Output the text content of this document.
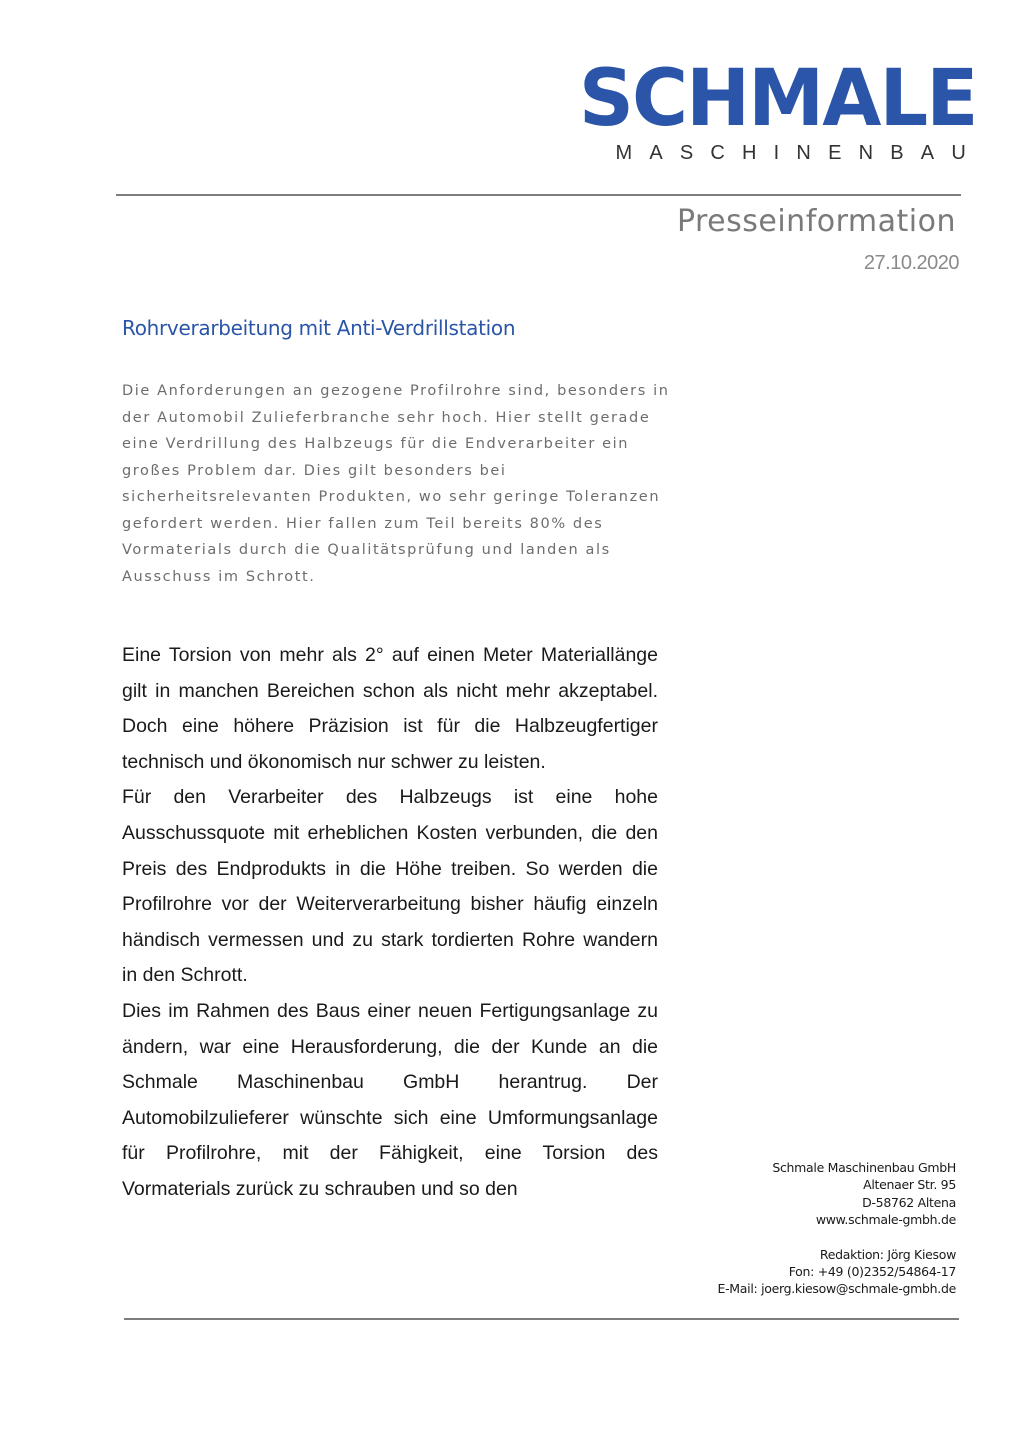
SCHMALE
MASCHINENBAU
Presseinformation
27.10.2020
Rohrverarbeitung mit Anti-Verdrillstation

Die Anforderungen an gezogene Profilrohre sind, besonders in der Automobil Zulieferbranche sehr hoch. Hier stellt gerade eine Verdrillung des Halbzeugs für die Endverarbeiter ein großes Problem dar. Dies gilt besonders bei sicherheitsrelevanten Produkten, wo sehr geringe Toleranzen gefordert werden. Hier fallen zum Teil bereits 80% des Vormaterials durch die Qualitätsprüfung und landen als Ausschuss im Schrott.

Eine Torsion von mehr als 2° auf einen Meter Materiallänge gilt in manchen Bereichen schon als nicht mehr akzeptabel. Doch eine höhere Präzision ist für die Halbzeugfertiger technisch und ökonomisch nur schwer zu leisten.

Für den Verarbeiter des Halbzeugs ist eine hohe Ausschussquote mit erheblichen Kosten verbunden, die den Preis des Endprodukts in die Höhe treiben. So werden die Profilrohre vor der Weiterverarbeitung bisher häufig einzeln händisch vermessen und zu stark tordierten Rohre wandern in den Schrott.

Dies im Rahmen des Baus einer neuen Fertigungsanlage zu ändern, war eine Herausforderung, die der Kunde an die Schmale Maschinenbau GmbH herantrug. Der Automobilzulieferer wünschte sich eine Umformungsanlage für Profilrohre, mit der Fähigkeit, eine Torsion des Vormaterials zurück zu schrauben und so den

Schmale Maschinenbau GmbH
Altenaer Str. 95
D-58762 Altena
www.schmale-gmbh.de
Redaktion: Jörg Kiesow
Fon: +49 (0)2352/54864-17
E-Mail: joerg.kiesow@schmale-gmbh.de
